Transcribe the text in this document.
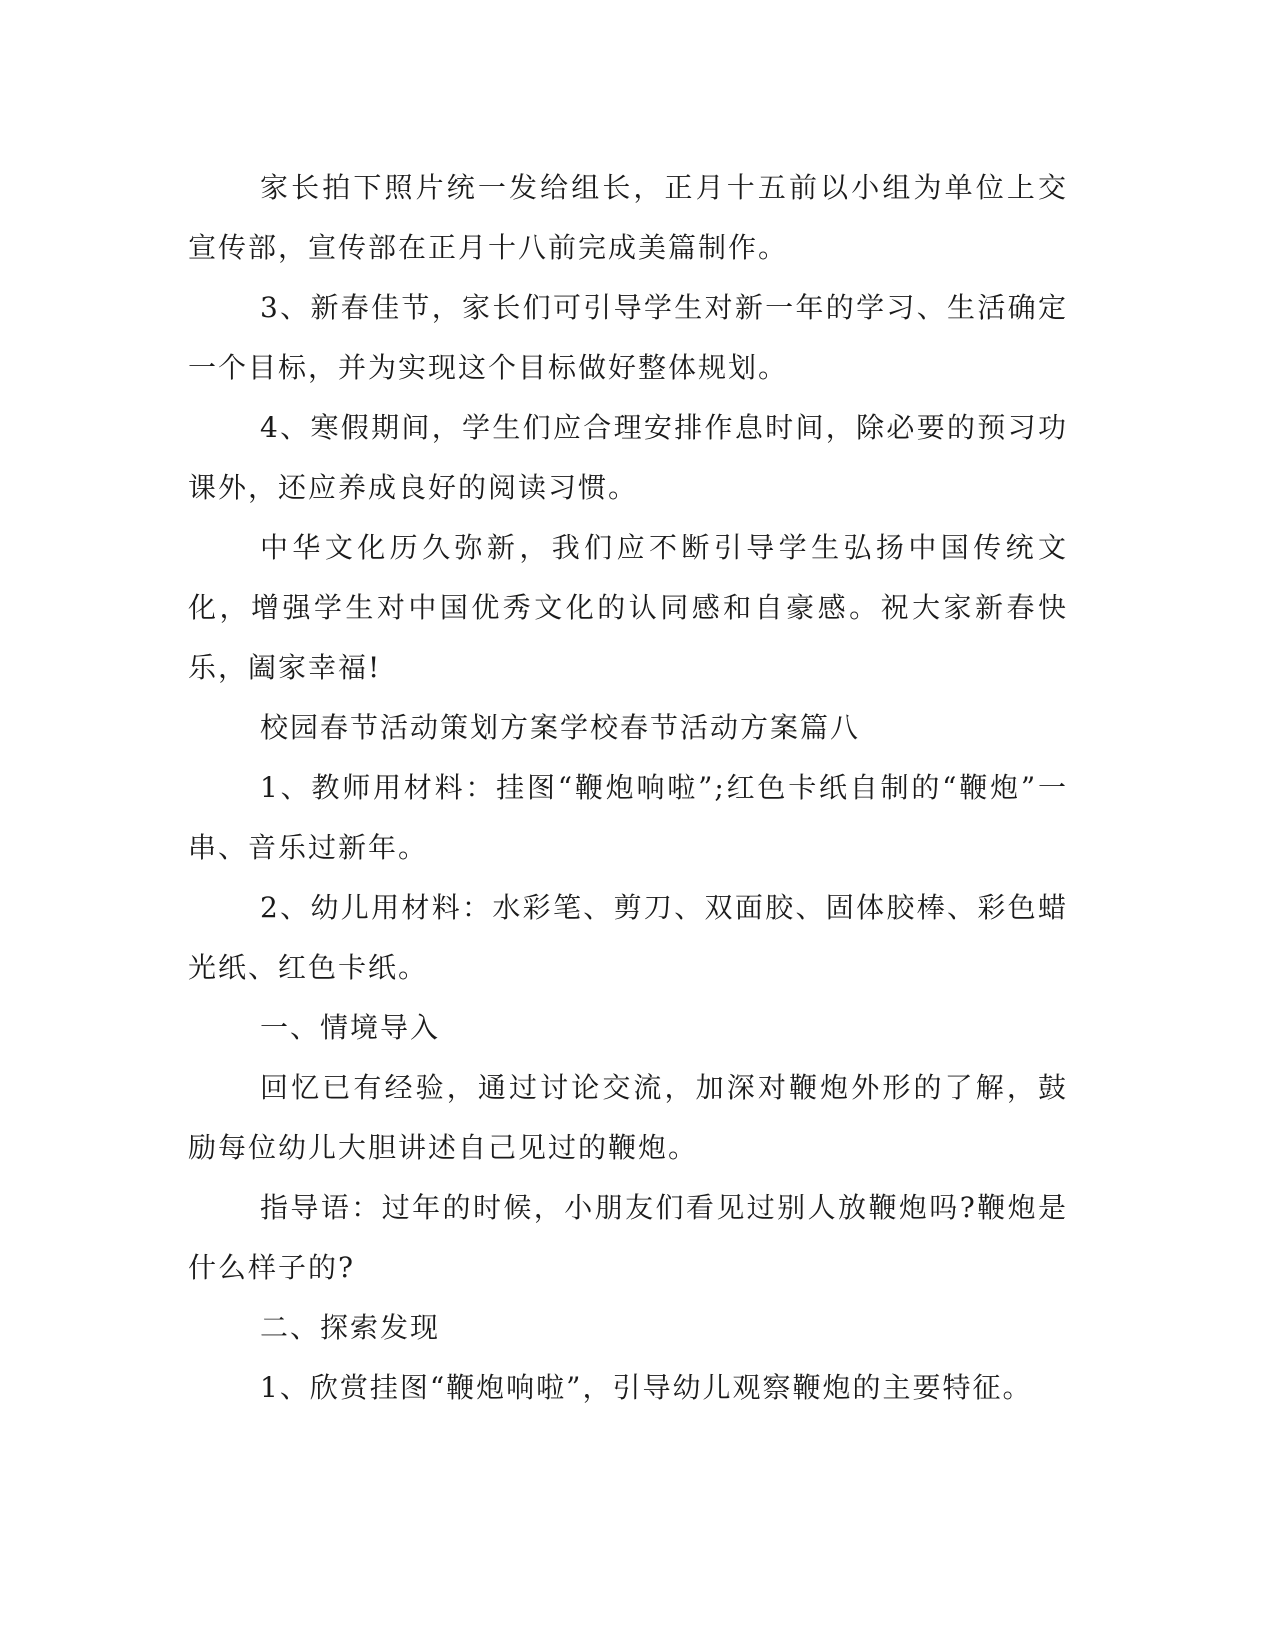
家长拍下照片统一发给组长，正月十五前以小组为单位上交宣传部，宣传部在正月十八前完成美篇制作。

3、新春佳节，家长们可引导学生对新一年的学习、生活确定一个目标，并为实现这个目标做好整体规划。

4、寒假期间，学生们应合理安排作息时间，除必要的预习功课外，还应养成良好的阅读习惯。

中华文化历久弥新，我们应不断引导学生弘扬中国传统文化，增强学生对中国优秀文化的认同感和自豪感。祝大家新春快乐，阖家幸福!

校园春节活动策划方案学校春节活动方案篇八

1、教师用材料：挂图“鞭炮响啦”;红色卡纸自制的“鞭炮”一串、音乐过新年。

2、幼儿用材料：水彩笔、剪刀、双面胶、固体胶棒、彩色蜡光纸、红色卡纸。

一、情境导入

回忆已有经验，通过讨论交流，加深对鞭炮外形的了解，鼓励每位幼儿大胆讲述自己见过的鞭炮。

指导语：过年的时候，小朋友们看见过别人放鞭炮吗?鞭炮是什么样子的?

二、探索发现

1、欣赏挂图“鞭炮响啦”，引导幼儿观察鞭炮的主要特征。
